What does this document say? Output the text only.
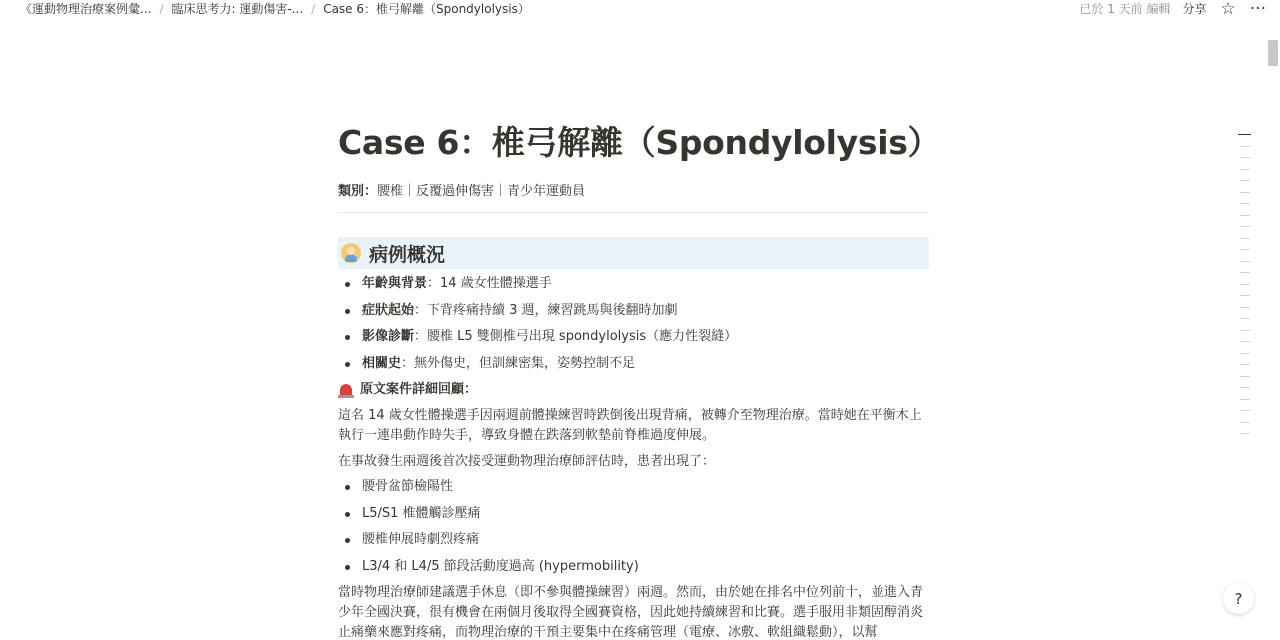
《運動物理治療案例彙... / 臨床思考力: 運動傷害-... / Case 6：椎弓解離（Spondylolysis）	已於 1 天前 編輯 分享 ☆ ···
Case 6：椎弓解離（Spondylolysis）
類別：腰椎｜反覆過伸傷害｜青少年運動員
病例概況
年齡與背景：14 歲女性體操選手
症狀起始：下背疼痛持續 3 週，練習跳馬與後翻時加劇
影像診斷：腰椎 L5 雙側椎弓出現 spondylolysis（應力性裂縫）
相關史：無外傷史，但訓練密集，姿勢控制不足
原文案件詳細回顧：

這名 14 歲女性體操選手因兩週前體操練習時跌倒後出現背痛，被轉介至物理治療。當時她在平衡木上執行一連串動作時失手，導致身體在跌落到軟墊前脊椎過度伸展。

在事故發生兩週後首次接受運動物理治療師評估時，患者出現了：

腰骨盆節檢陽性
L5/S1 椎體觸診壓痛
腰椎伸展時劇烈疼痛
L3/4 和 L4/5 節段活動度過高 (hypermobility)

當時物理治療師建議選手休息（即不參與體操練習）兩週。然而，由於她在排名中位列前十，並進入青少年全國決賽，很有機會在兩個月後取得全國賽資格，因此她持續練習和比賽。選手服用非類固醇消炎止痛藥來應對疼痛，而物理治療的干預主要集中在疼痛管理（電療、冰敷、軟組織鬆動），以幫

?
